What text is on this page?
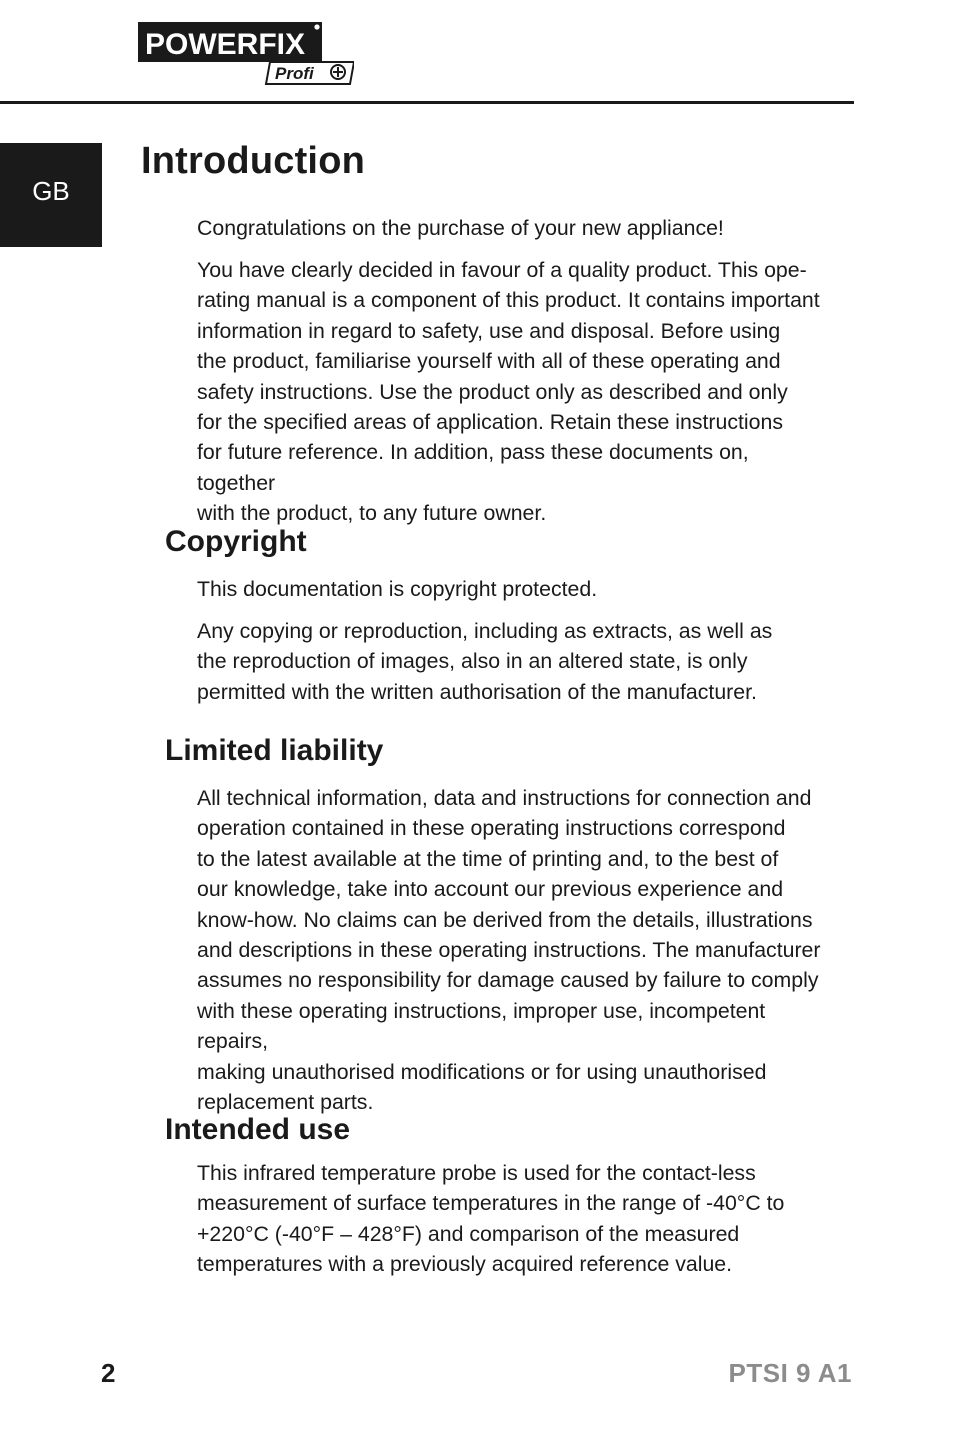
POWERFIX
Profi
GB
Introduction

Congratulations on the purchase of your new appliance!

You have clearly decided in favour of a quality product. This ope-

rating manual is a component of this product. It contains important

information in regard to safety, use and disposal. Before using

the product, familiarise yourself with all of these operating and

safety instructions. Use the product only as described and only

for the specified areas of application. Retain these instructions

for future reference. In addition, pass these documents on, together

with the product, to any future owner.

Copyright

This documentation is copyright protected.

Any copying or reproduction, including as extracts, as well as

the reproduction of images, also in an altered state, is only

permitted with the written authorisation of the manufacturer.

Limited liability

All technical information, data and instructions for connection and

operation contained in these operating instructions correspond

to the latest available at the time of printing and, to the best of

our knowledge, take into account our previous experience and

know-how. No claims can be derived from the details, illustrations

and descriptions in these operating instructions. The manufacturer

assumes no responsibility for damage caused by failure to comply

with these operating instructions, improper use, incompetent repairs,

making unauthorised modifications or for using unauthorised

replacement parts.

Intended use

This infrared temperature probe is used for the contact-less

measurement of surface temperatures in the range of -40°C to

+220°C (-40°F – 428°F) and comparison of the measured

temperatures with a previously acquired reference value.

2	PTSI 9 A1
